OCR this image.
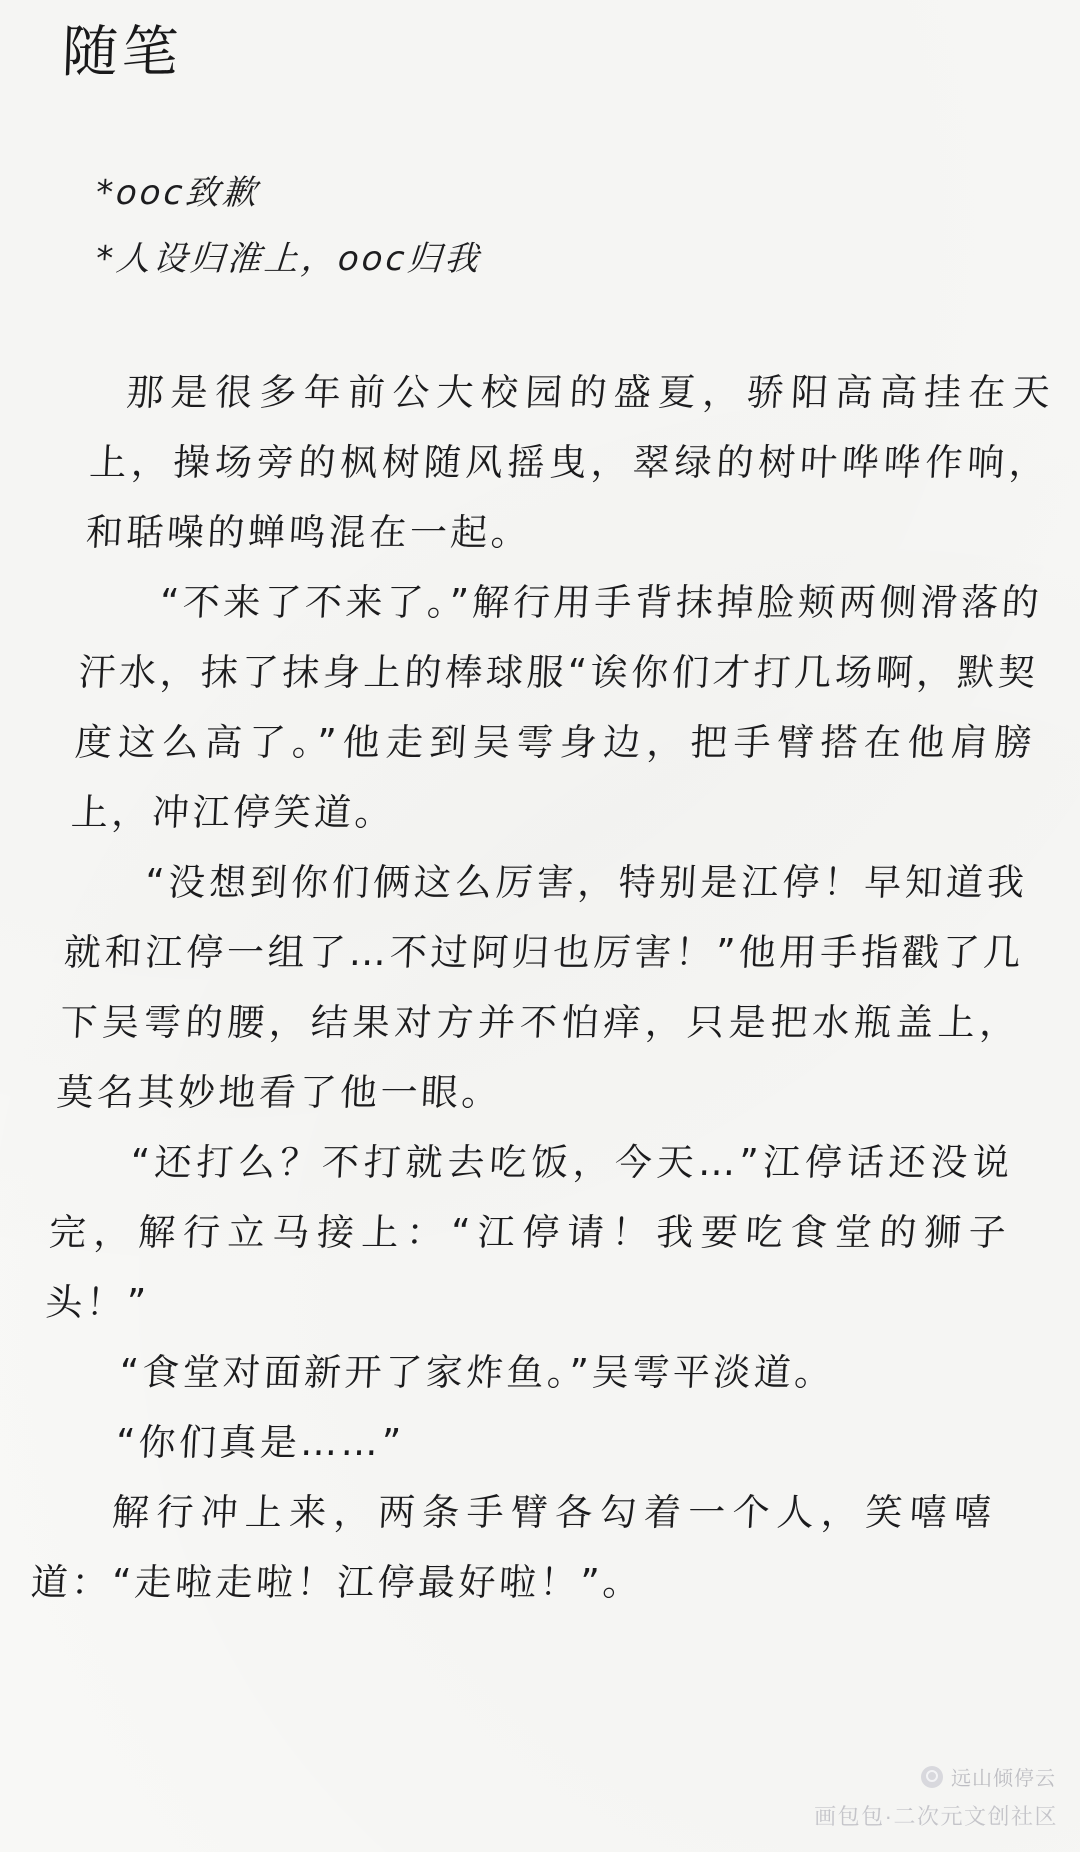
随笔
*ooc致歉
*人设归淮上，ooc归我

那是很多年前公大校园的盛夏，骄阳高高挂在天上，操场旁的枫树随风摇曳，翠绿的树叶哗哗作响，和聒噪的蝉鸣混在一起。

“不来了不来了。”解行用手背抹掉脸颊两侧滑落的汗水，抹了抹身上的棒球服“诶你们才打几场啊，默契度这么高了。”他走到吴雩身边，把手臂搭在他肩膀上，冲江停笑道。

“没想到你们俩这么厉害，特别是江停！早知道我就和江停一组了…不过阿归也厉害！”他用手指戳了几下吴雩的腰，结果对方并不怕痒，只是把水瓶盖上，莫名其妙地看了他一眼。

“还打么？不打就去吃饭，今天…”江停话还没说完，解行立马接上：“江停请！我要吃食堂的狮子头！”

“食堂对面新开了家炸鱼。”吴雩平淡道。

“你们真是……”

解行冲上来，两条手臂各勾着一个人，笑嘻嘻道：“走啦走啦！江停最好啦！”。

远山倾停云
画包包·二次元文创社区
